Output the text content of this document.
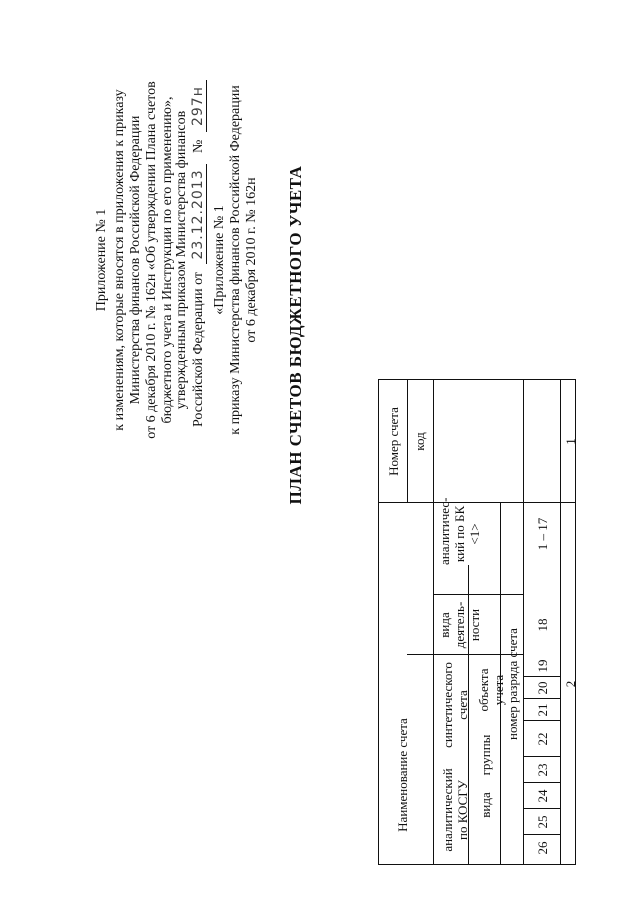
Приложение № 1 к изменениям, которые вносятся в приложения к приказу Министерства финансов Российской Федерации от 6 декабря 2010 г. № 162н «Об утверждении Плана счетов бюджетного учета и Инструкции по его применению», утвержденным приказом Министерства финансов Российской Федерации от 23.12.2013 № 297н
«Приложение № 1 к приказу Министерства финансов Российской Федерации от 6 декабря 2010 г. № 162н ПЛАН СЧЕТОВ БЮДЖЕТНОГО УЧЕТА
Наименование счета
Номер счета код
аналитичес- кий по БК <1>
вида деятель- ности
синтетического счета объекта учета
группы
вида
аналитический по КОСГУ
номер разряда счета
1 – 17
18
19
20
21
22
23
24
25
26
2
1
